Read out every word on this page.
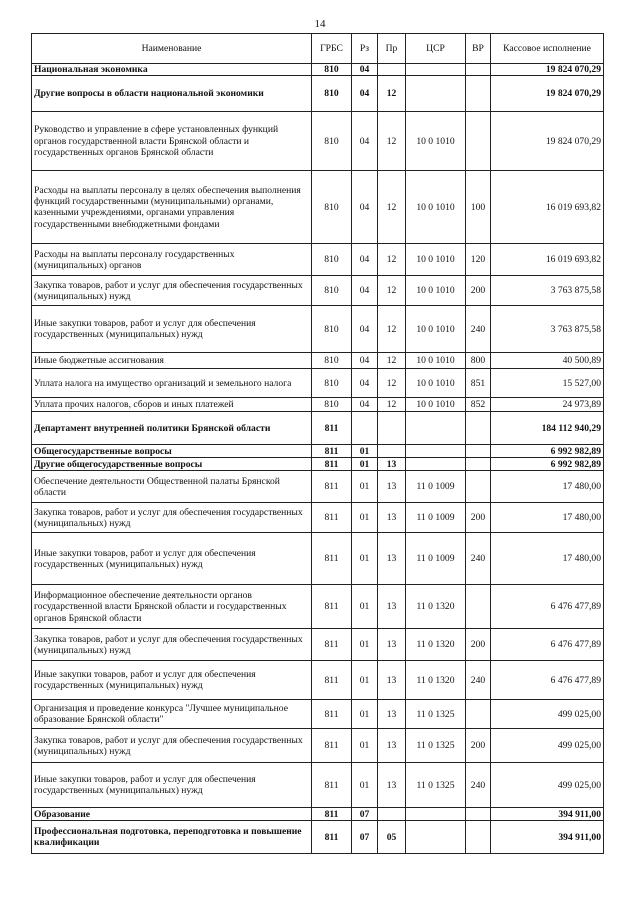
14
Наименование	ГРБС	Рз	Пр	ЦСР	ВР	Кассовое исполнение
Национальная экономика	810	04				19 824 070,29
Другие вопросы в области национальной экономики	810	04	12			19 824 070,29
Руководство и управление в сфере установленных функций органов государственной власти Брянской области и государственных органов Брянской области	810	04	12	10 0 1010		19 824 070,29
Расходы на выплаты персоналу в целях обеспечения выполнения функций государственными (муниципальными) органами, казенными учреждениями, органами управления государственными внебюджетными фондами	810	04	12	10 0 1010	100	16 019 693,82
Расходы на выплаты персоналу государственных (муниципальных) органов	810	04	12	10 0 1010	120	16 019 693,82
Закупка товаров, работ и услуг для обеспечения государственных (муниципальных) нужд	810	04	12	10 0 1010	200	3 763 875,58
Иные закупки товаров, работ и услуг для обеспечения государственных (муниципальных) нужд	810	04	12	10 0 1010	240	3 763 875,58
Иные бюджетные ассигнования	810	04	12	10 0 1010	800	40 500,89
Уплата налога на имущество организаций и земельного налога	810	04	12	10 0 1010	851	15 527,00
Уплата прочих налогов, сборов и иных платежей	810	04	12	10 0 1010	852	24 973,89
Департамент внутренней политики Брянской области	811					184 112 940,29
Общегосударственные вопросы	811	01				6 992 982,89
Другие общегосударственные вопросы	811	01	13			6 992 982,89
Обеспечение деятельности Общественной палаты Брянской области	811	01	13	11 0 1009		17 480,00
Закупка товаров, работ и услуг для обеспечения государственных (муниципальных) нужд	811	01	13	11 0 1009	200	17 480,00
Иные закупки товаров, работ и услуг для обеспечения государственных (муниципальных) нужд	811	01	13	11 0 1009	240	17 480,00
Информационное обеспечение деятельности органов государственной власти Брянской области и государственных органов Брянской области	811	01	13	11 0 1320		6 476 477,89
Закупка товаров, работ и услуг для обеспечения государственных (муниципальных) нужд	811	01	13	11 0 1320	200	6 476 477,89
Иные закупки товаров, работ и услуг для обеспечения государственных (муниципальных) нужд	811	01	13	11 0 1320	240	6 476 477,89
Организация и проведение конкурса "Лучшее муниципальное образование Брянской области"	811	01	13	11 0 1325		499 025,00
Закупка товаров, работ и услуг для обеспечения государственных (муниципальных) нужд	811	01	13	11 0 1325	200	499 025,00
Иные закупки товаров, работ и услуг для обеспечения государственных (муниципальных) нужд	811	01	13	11 0 1325	240	499 025,00
Образование	811	07				394 911,00
Профессиональная подготовка, переподготовка и повышение квалификации	811	07	05			394 911,00
